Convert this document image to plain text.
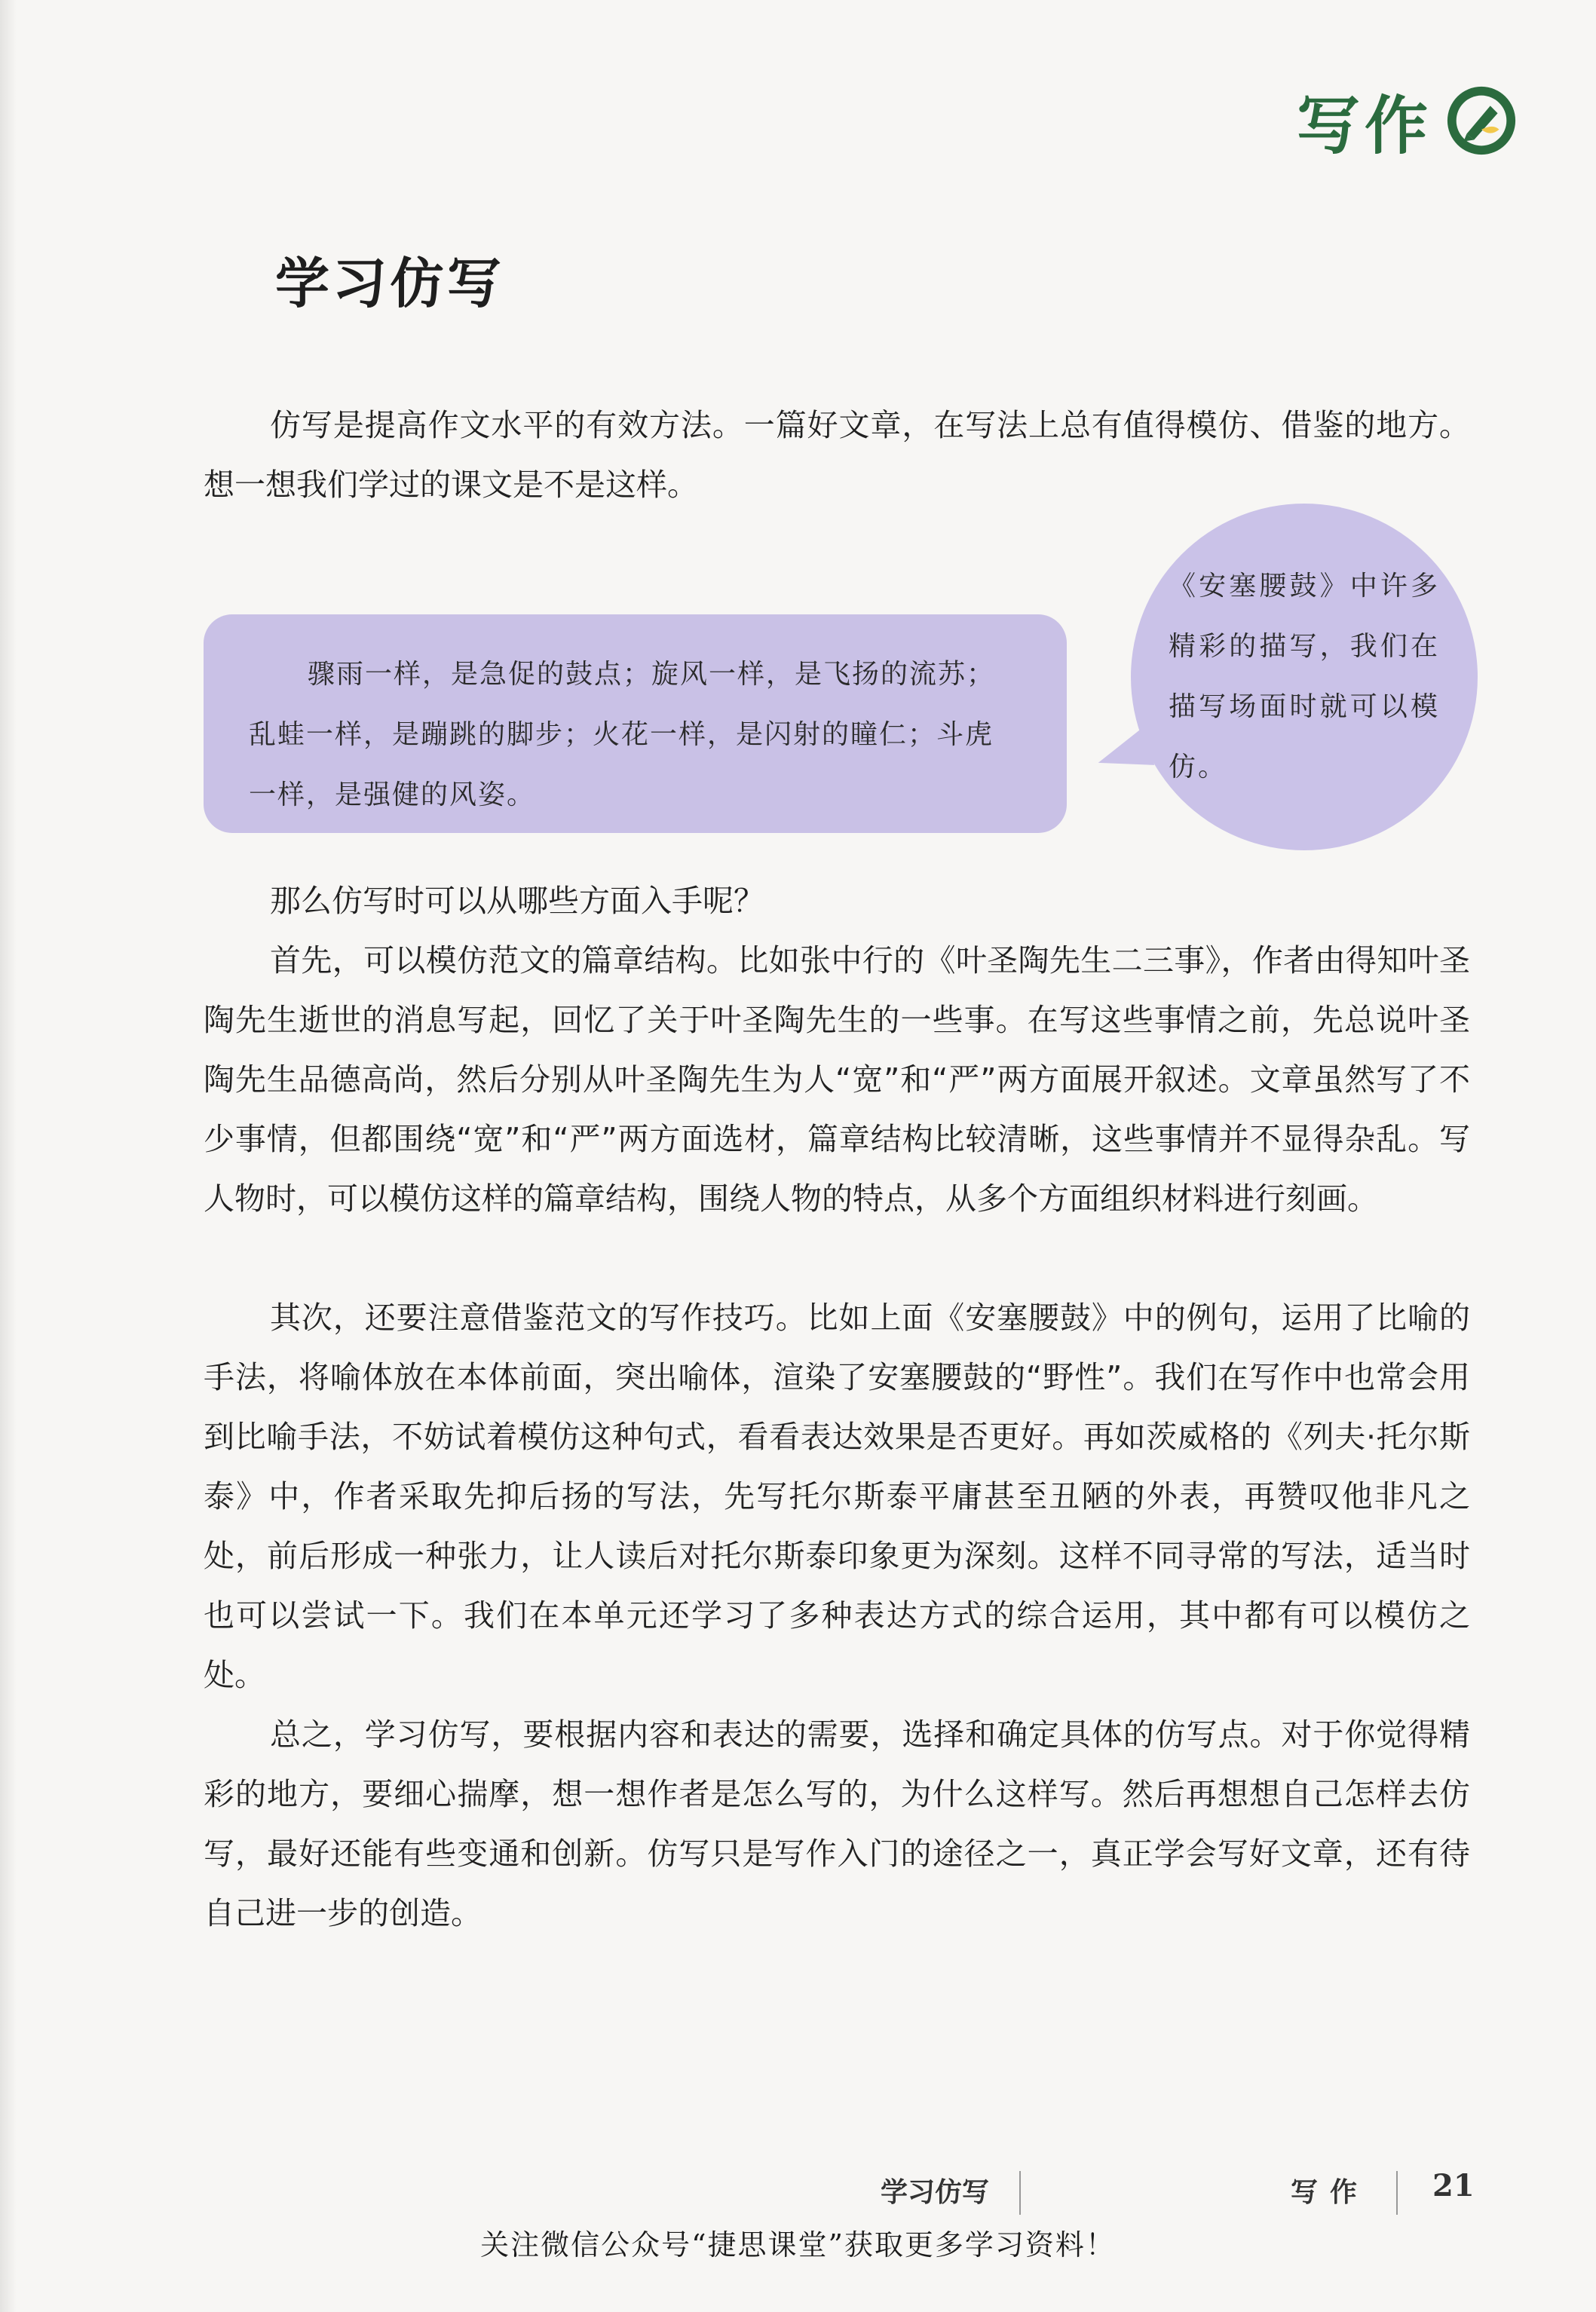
写作
学习仿写

仿写是提高作文水平的有效方法。一篇好文章，在写法上总有值得模仿、借鉴的地方。想一想我们学过的课文是不是这样。

骤雨一样，是急促的鼓点；旋风一样，是飞扬的流苏；乱蛙一样，是蹦跳的脚步；火花一样，是闪射的瞳仁；斗虎一样，是强健的风姿。

《安塞腰鼓》中许多精彩的描写，我们在描写场面时就可以模仿。

那么仿写时可以从哪些方面入手呢？

首先，可以模仿范文的篇章结构。比如张中行的《叶圣陶先生二三事》，作者由得知叶圣陶先生逝世的消息写起，回忆了关于叶圣陶先生的一些事。在写这些事情之前，先总说叶圣陶先生品德高尚，然后分别从叶圣陶先生为人“宽”和“严”两方面展开叙述。文章虽然写了不少事情，但都围绕“宽”和“严”两方面选材，篇章结构比较清晰，这些事情并不显得杂乱。写人物时，可以模仿这样的篇章结构，围绕人物的特点，从多个方面组织材料进行刻画。

其次，还要注意借鉴范文的写作技巧。比如上面《安塞腰鼓》中的例句，运用了比喻的手法，将喻体放在本体前面，突出喻体，渲染了安塞腰鼓的“野性”。我们在写作中也常会用到比喻手法，不妨试着模仿这种句式，看看表达效果是否更好。再如茨威格的《列夫·托尔斯泰》中，作者采取先抑后扬的写法，先写托尔斯泰平庸甚至丑陋的外表，再赞叹他非凡之处，前后形成一种张力，让人读后对托尔斯泰印象更为深刻。这样不同寻常的写法，适当时也可以尝试一下。我们在本单元还学习了多种表达方式的综合运用，其中都有可以模仿之处。

总之，学习仿写，要根据内容和表达的需要，选择和确定具体的仿写点。对于你觉得精彩的地方，要细心揣摩，想一想作者是怎么写的，为什么这样写。然后再想想自己怎样去仿写，最好还能有些变通和创新。仿写只是写作入门的途径之一，真正学会写好文章，还有待自己进一步的创造。

学习仿写	写作 21
关注微信公众号“捷思课堂”获取更多学习资料！
